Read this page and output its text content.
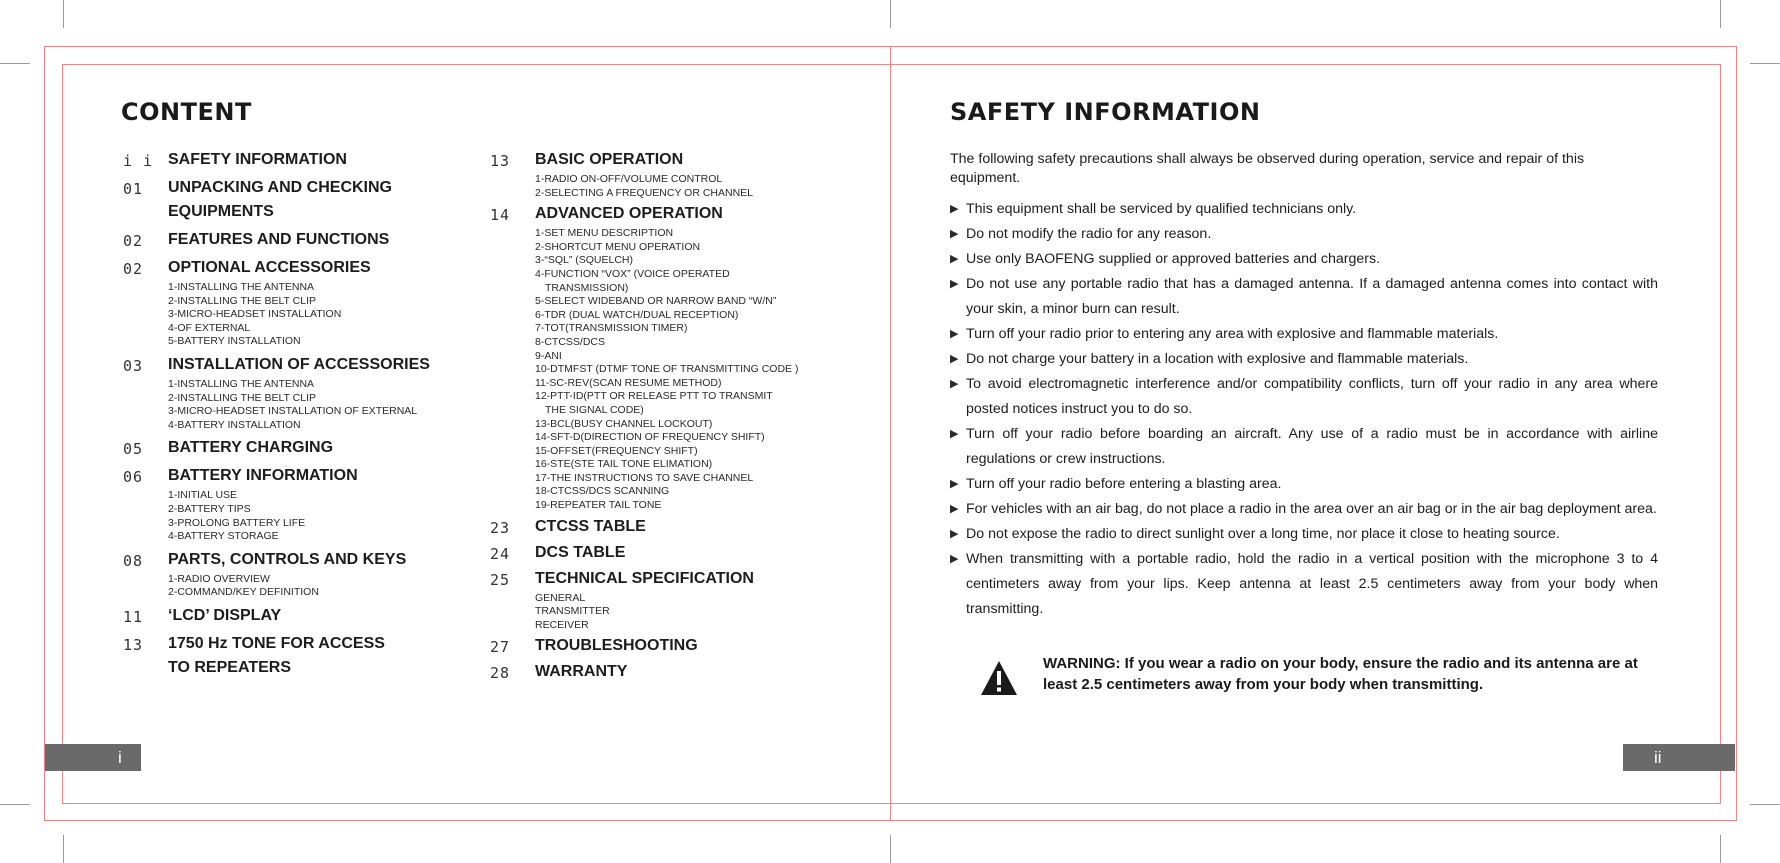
CONTENT
i i SAFETY INFORMATION
01	UNPACKING AND CHECKING
EQUIPMENTS
02	FEATURES AND FUNCTIONS
02	OPTIONAL ACCESSORIES
1-INSTALLING THE ANTENNA
2-INSTALLING THE BELT CLIP
3-MICRO-HEADSET INSTALLATION
4-OF EXTERNAL
5-BATTERY INSTALLATION
03	INSTALLATION OF ACCESSORIES
1-INSTALLING THE ANTENNA
2-INSTALLING THE BELT CLIP
3-MICRO-HEADSET INSTALLATION OF EXTERNAL
4-BATTERY INSTALLATION
05	BATTERY CHARGING
06	BATTERY INFORMATION
1-INITIAL USE
2-BATTERY TIPS
3-PROLONG BATTERY LIFE
4-BATTERY STORAGE
08	PARTS, CONTROLS AND KEYS
1-RADIO OVERVIEW
2-COMMAND/KEY DEFINITION
11	‘LCD’ DISPLAY
13	1750 Hz TONE FOR ACCESS
TO REPEATERS
13	BASIC OPERATION
1-RADIO ON-OFF/VOLUME CONTROL
2-SELECTING A FREQUENCY OR CHANNEL
14	ADVANCED OPERATION
1-SET MENU DESCRIPTION
2-SHORTCUT MENU OPERATION
3-“SQL” (SQUELCH)
4-FUNCTION “VOX” (VOICE OPERATED
TRANSMISSION)
5-SELECT WIDEBAND OR NARROW BAND “W/N”
6-TDR (DUAL WATCH/DUAL RECEPTION)
7-TOT(TRANSMISSION TIMER)
8-CTCSS/DCS
9-ANI
10-DTMFST (DTMF TONE OF TRANSMITTING CODE )
11-SC-REV(SCAN RESUME METHOD)
12-PTT-ID(PTT OR RELEASE PTT TO TRANSMIT
THE SIGNAL CODE)
13-BCL(BUSY CHANNEL LOCKOUT)
14-SFT-D(DIRECTION OF FREQUENCY SHIFT)
15-OFFSET(FREQUENCY SHIFT)
16-STE(STE TAIL TONE ELIMATION)
17-THE INSTRUCTIONS TO SAVE CHANNEL
18-CTCSS/DCS SCANNING
19-REPEATER TAIL TONE
23	CTCSS TABLE
24	DCS TABLE
25	TECHNICAL SPECIFICATION
GENERAL
TRANSMITTER
RECEIVER
27	TROUBLESHOOTING
28	WARRANTY
i
SAFETY INFORMATION
The following safety precautions shall always be observed during operation, service and repair of this equipment.
▶ This equipment shall be serviced by qualified technicians only.
▶ Do not modify the radio for any reason.
▶ Use only BAOFENG supplied or approved batteries and chargers.
▶ Do not use any portable radio that has a damaged antenna. If a damaged antenna comes into contact with your skin, a minor burn can result.
▶ Turn off your radio prior to entering any area with explosive and flammable materials.
▶ Do not charge your battery in a location with explosive and flammable materials.
▶ To avoid electromagnetic interference and/or compatibility conflicts, turn off your radio in any area where posted notices instruct you to do so.
▶ Turn off your radio before boarding an aircraft. Any use of a radio must be in accordance with airline regulations or crew instructions.
▶ Turn off your radio before entering a blasting area.
▶ For vehicles with an air bag, do not place a radio in the area over an air bag or in the air bag deployment area.
▶ Do not expose the radio to direct sunlight over a long time, nor place it close to heating source.
▶ When transmitting with a portable radio, hold the radio in a vertical position with the microphone 3 to 4 centimeters away from your lips. Keep antenna at least 2.5 centimeters away from your body when transmitting.
WARNING: If you wear a radio on your body, ensure the radio and its antenna are at least 2.5 centimeters away from your body when transmitting.
ii
